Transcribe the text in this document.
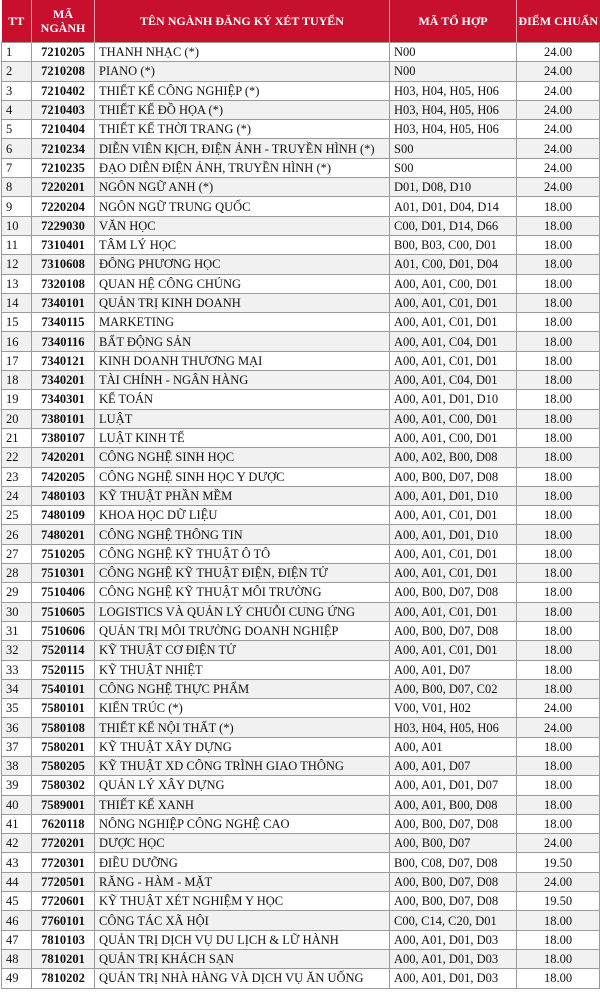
TT	MÃ NGÀNH	TÊN NGÀNH ĐĂNG KÝ XÉT TUYỂN	MÃ TỔ HỢP	ĐIỂM CHUẨN
1	7210205	THANH NHẠC (*)	N00	24.00
2	7210208	PIANO (*)	N00	24.00
3	7210402	THIẾT KẾ CÔNG NGHIỆP (*)	H03, H04, H05, H06	24.00
4	7210403	THIẾT KẾ ĐỒ HỌA (*)	H03, H04, H05, H06	24.00
5	7210404	THIẾT KẾ THỜI TRANG (*)	H03, H04, H05, H06	24.00
6	7210234	DIỄN VIÊN KỊCH, ĐIỆN ẢNH - TRUYỀN HÌNH (*)	S00	24.00
7	7210235	ĐẠO DIỄN ĐIỆN ẢNH, TRUYỀN HÌNH (*)	S00	24.00
8	7220201	NGÔN NGỮ ANH (*)	D01, D08, D10	24.00
9	7220204	NGÔN NGỮ TRUNG QUỐC	A01, D01, D04, D14	18.00
10	7229030	VĂN HỌC	C00, D01, D14, D66	18.00
11	7310401	TÂM LÝ HỌC	B00, B03, C00, D01	18.00
12	7310608	ĐÔNG PHƯƠNG HỌC	A01, C00, D01, D04	18.00
13	7320108	QUAN HỆ CÔNG CHÚNG	A00, A01, C00, D01	18.00
14	7340101	QUẢN TRỊ KINH DOANH	A00, A01, C01, D01	18.00
15	7340115	MARKETING	A00, A01, C01, D01	18.00
16	7340116	BẤT ĐỘNG SẢN	A00, A01, C04, D01	18.00
17	7340121	KINH DOANH THƯƠNG MẠI	A00, A01, C01, D01	18.00
18	7340201	TÀI CHÍNH - NGÂN HÀNG	A00, A01, C04, D01	18.00
19	7340301	KẾ TOÁN	A00, A01, D01, D10	18.00
20	7380101	LUẬT	A00, A01, C00, D01	18.00
21	7380107	LUẬT KINH TẾ	A00, A01, C00, D01	18.00
22	7420201	CÔNG NGHỆ SINH HỌC	A00, A02, B00, D08	18.00
23	7420205	CÔNG NGHỆ SINH HỌC Y DƯỢC	A00, B00, D07, D08	18.00
24	7480103	KỸ THUẬT PHẦN MỀM	A00, A01, D01, D10	18.00
25	7480109	KHOA HỌC DỮ LIỆU	A00, A01, C01, D01	18.00
26	7480201	CÔNG NGHỆ THÔNG TIN	A00, A01, D01, D10	18.00
27	7510205	CÔNG NGHỆ KỸ THUẬT Ô TÔ	A00, A01, C01, D01	18.00
28	7510301	CÔNG NGHỆ KỸ THUẬT ĐIỆN, ĐIỆN TỬ	A00, A01, C01, D01	18.00
29	7510406	CÔNG NGHỆ KỸ THUẬT MÔI TRƯỜNG	A00, B00, D07, D08	18.00
30	7510605	LOGISTICS VÀ QUẢN LÝ CHUỖI CUNG ỨNG	A00, A01, C01, D01	18.00
31	7510606	QUẢN TRỊ MÔI TRƯỜNG DOANH NGHIỆP	A00, B00, D07, D08	18.00
32	7520114	KỸ THUẬT CƠ ĐIỆN TỬ	A00, A01, C01, D01	18.00
33	7520115	KỸ THUẬT NHIỆT	A00, A01, D07	18.00
34	7540101	CÔNG NGHỆ THỰC PHẨM	A00, B00, D07, C02	18.00
35	7580101	KIẾN TRÚC (*)	V00, V01, H02	24.00
36	7580108	THIẾT KẾ NỘI THẤT (*)	H03, H04, H05, H06	24.00
37	7580201	KỸ THUẬT XÂY DỰNG	A00, A01	18.00
38	7580205	KỸ THUẬT XD CÔNG TRÌNH GIAO THÔNG	A00, A01, D07	18.00
39	7580302	QUẢN LÝ XÂY DỰNG	A00, A01, D01, D07	18.00
40	7589001	THIẾT KẾ XANH	A00, A01, B00, D08	18.00
41	7620118	NÔNG NGHIỆP CÔNG NGHỆ CAO	A00, B00, D07, D08	18.00
42	7720201	DƯỢC HỌC	A00, B00, D07	24.00
43	7720301	ĐIỀU DƯỠNG	B00, C08, D07, D08	19.50
44	7720501	RĂNG - HÀM - MẶT	A00, B00, D07, D08	24.00
45	7720601	KỸ THUẬT XÉT NGHIỆM Y HỌC	A00, B00, D07, D08	19.50
46	7760101	CÔNG TÁC XÃ HỘI	C00, C14, C20, D01	18.00
47	7810103	QUẢN TRỊ DỊCH VỤ DU LỊCH & LỮ HÀNH	A00, A01, D01, D03	18.00
48	7810201	QUẢN TRỊ KHÁCH SẠN	A00, A01, D01, D03	18.00
49	7810202	QUẢN TRỊ NHÀ HÀNG VÀ DỊCH VỤ ĂN UỐNG	A00, A01, D01, D03	18.00
